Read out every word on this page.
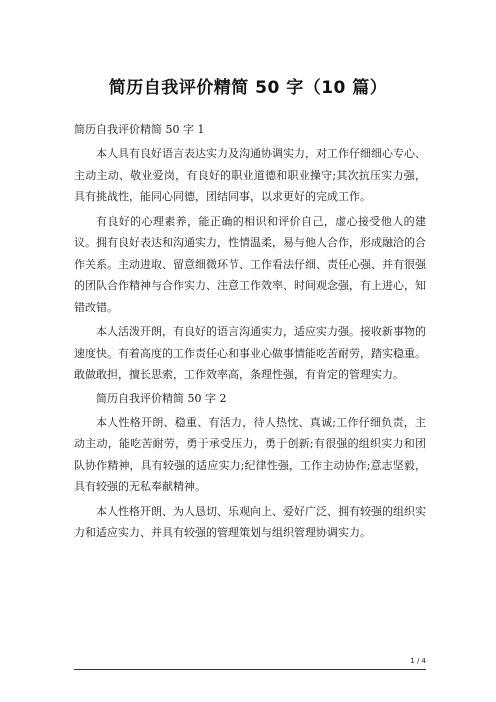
简历自我评价精简 50 字（10 篇）
简历自我评价精简 50 字 1

本人具有良好语言表达实力及沟通协调实力，对工作仔细细心专心、主动主动、敬业爱岗，有良好的职业道德和职业操守;其次抗压实力强，具有挑战性，能同心同德，团结同事，以求更好的完成工作。

有良好的心理素养，能正确的相识和评价自己，虚心接受他人的建议。拥有良好表达和沟通实力，性情温柔，易与他人合作，形成融洽的合作关系。主动进取、留意细微环节、工作看法仔细、责任心强、并有很强的团队合作精神与合作实力、注意工作效率、时间观念强，有上进心，知错改错。

本人活泼开朗，有良好的语言沟通实力，适应实力强。接收新事物的速度快。有着高度的工作责任心和事业心做事情能吃苦耐劳，踏实稳重。敢做敢担，擅长思索，工作效率高，条理性强，有肯定的管理实力。

简历自我评价精简 50 字 2

本人性格开朗、稳重、有活力，待人热忱、真诚;工作仔细负责，主动主动，能吃苦耐劳，勇于承受压力，勇于创新;有很强的组织实力和团队协作精神，具有较强的适应实力;纪律性强，工作主动协作;意志坚毅，具有较强的无私奉献精神。

本人性格开朗、为人恳切、乐观向上、爱好广泛、拥有较强的组织实力和适应实力、并具有较强的管理策划与组织管理协调实力。

1 / 4
